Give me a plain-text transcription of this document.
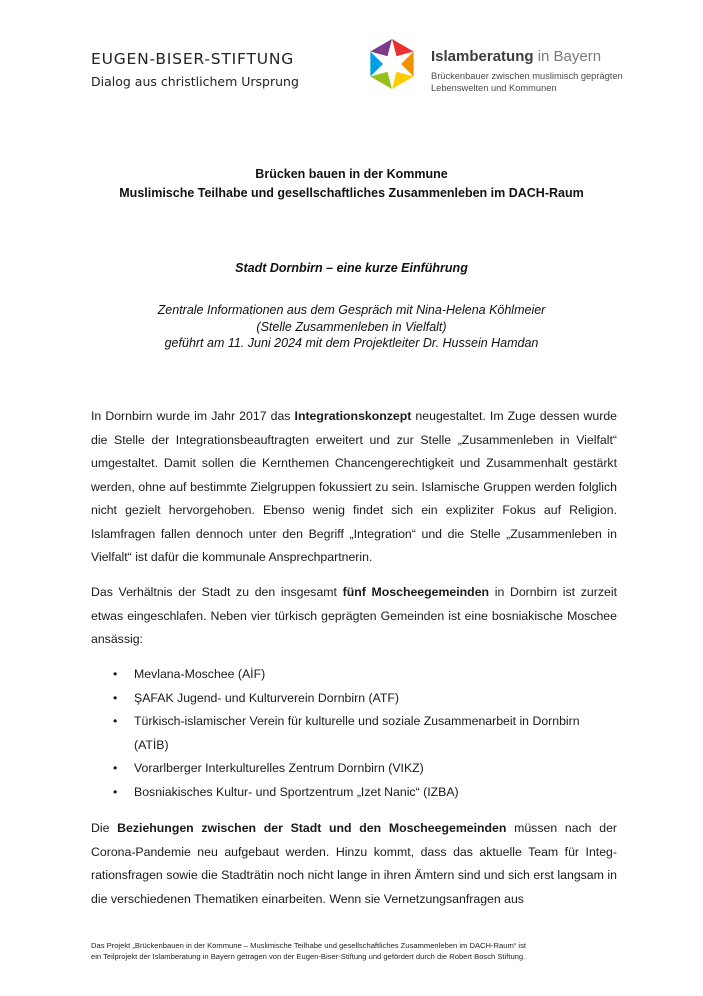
EUGEN-BISER-STIFTUNG
Dialog aus christlichem Ursprung
Islamberatung in Bayern
Brückenbauer zwischen muslimisch geprägten
Lebenswelten und Kommunen
Brücken bauen in der Kommune
Muslimische Teilhabe und gesellschaftliches Zusammenleben im DACH-Raum
Stadt Dornbirn – eine kurze Einführung
Zentrale Informationen aus dem Gespräch mit Nina-Helena Köhlmeier
(Stelle Zusammenleben in Vielfalt)
geführt am 11. Juni 2024 mit dem Projektleiter Dr. Hussein Hamdan
In Dornbirn wurde im Jahr 2017 das Integrationskonzept neugestaltet. Im Zuge dessen wurde die Stelle der Integrationsbeauftragten erweitert und zur Stelle „Zusammenleben in Vielfalt“ umgestaltet. Damit sollen die Kernthemen Chancengerechtigkeit und Zusammenhalt gestärkt werden, ohne auf bestimmte Zielgruppen fokussiert zu sein. Islamische Gruppen werden folglich nicht gezielt hervorgehoben. Ebenso wenig findet sich ein expliziter Fokus auf Religion. Islamfragen fallen dennoch unter den Begriff „Integration“ und die Stelle „Zusammenleben in Vielfalt“ ist dafür die kommunale Ansprechpartnerin.
Das Verhältnis der Stadt zu den insgesamt fünf Moscheegemeinden in Dornbirn ist zurzeit etwas eingeschlafen. Neben vier türkisch geprägten Gemeinden ist eine bosniakische Moschee ansässig:
• Mevlana-Moschee (AİF)
• ŞAFAK Jugend- und Kulturverein Dornbirn (ATF)
• Türkisch-islamischer Verein für kulturelle und soziale Zusammenarbeit in Dornbirn (ATİB)
• Vorarlberger Interkulturelles Zentrum Dornbirn (VIKZ)
• Bosniakisches Kultur- und Sportzentrum „Izet Nanic“ (IZBA)
Die Beziehungen zwischen der Stadt und den Moscheegemeinden müssen nach der Corona-Pandemie neu aufgebaut werden. Hinzu kommt, dass das aktuelle Team für Integrationsfragen sowie die Stadträtin noch nicht lange in ihren Ämtern sind und sich erst langsam in die verschiedenen Thematiken einarbeiten. Wenn sie Vernetzungsanfragen aus
Das Projekt „Brückenbauen in der Kommune – Muslimische Teilhabe und gesellschaftliches Zusammenleben im DACH-Raum“ ist
ein Teilprojekt der Islamberatung in Bayern getragen von der Eugen-Biser-Stiftung und gefördert durch die Robert Bosch Stiftung.
